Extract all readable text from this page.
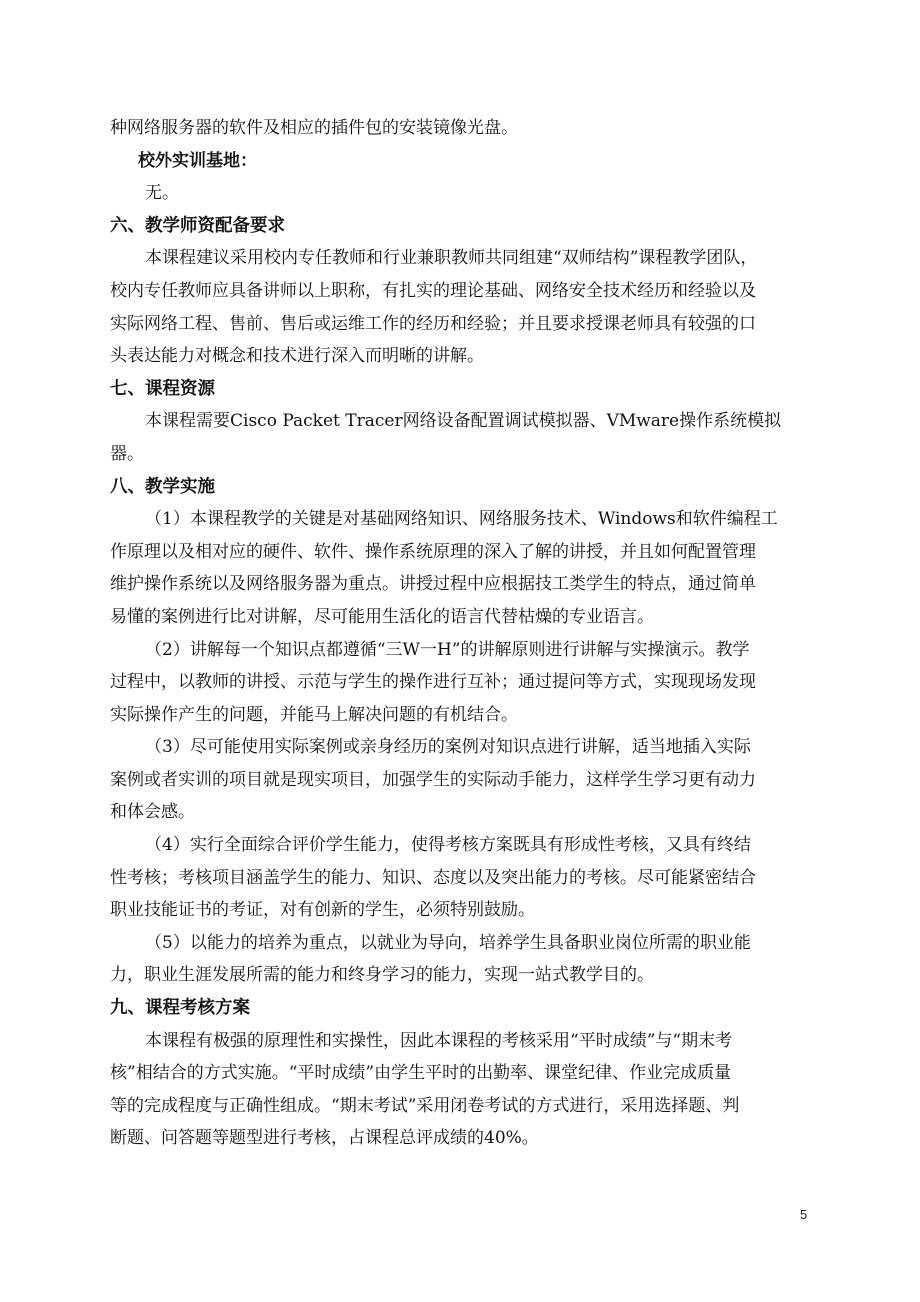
种网络服务器的软件及相应的插件包的安装镜像光盘。

校外实训基地：

无。

六、教学师资配备要求

本课程建议采用校内专任教师和行业兼职教师共同组建“双师结构”课程教学团队，

校内专任教师应具备讲师以上职称，有扎实的理论基础、网络安全技术经历和经验以及

实际网络工程、售前、售后或运维工作的经历和经验；并且要求授课老师具有较强的口

头表达能力对概念和技术进行深入而明晰的讲解。

七、课程资源

本课程需要Cisco Packet Tracer网络设备配置调试模拟器、VMware操作系统模拟

器。

八、教学实施

（1）本课程教学的关键是对基础网络知识、网络服务技术、Windows和软件编程工

作原理以及相对应的硬件、软件、操作系统原理的深入了解的讲授，并且如何配置管理

维护操作系统以及网络服务器为重点。讲授过程中应根据技工类学生的特点，通过简单

易懂的案例进行比对讲解，尽可能用生活化的语言代替枯燥的专业语言。

（2）讲解每一个知识点都遵循“三W一H”的讲解原则进行讲解与实操演示。教学

过程中，以教师的讲授、示范与学生的操作进行互补；通过提问等方式，实现现场发现

实际操作产生的问题，并能马上解决问题的有机结合。

（3）尽可能使用实际案例或亲身经历的案例对知识点进行讲解，适当地插入实际

案例或者实训的项目就是现实项目，加强学生的实际动手能力，这样学生学习更有动力

和体会感。

（4）实行全面综合评价学生能力，使得考核方案既具有形成性考核，又具有终结

性考核；考核项目涵盖学生的能力、知识、态度以及突出能力的考核。尽可能紧密结合

职业技能证书的考证，对有创新的学生，必须特别鼓励。

（5）以能力的培养为重点，以就业为导向，培养学生具备职业岗位所需的职业能

力，职业生涯发展所需的能力和终身学习的能力，实现一站式教学目的。

九、课程考核方案

本课程有极强的原理性和实操性，因此本课程的考核采用“平时成绩”与“期末考

核”相结合的方式实施。“平时成绩”由学生平时的出勤率、课堂纪律、作业完成质量

等的完成程度与正确性组成。“期末考试”采用闭卷考试的方式进行，采用选择题、判

断题、问答题等题型进行考核，占课程总评成绩的40%。

5
